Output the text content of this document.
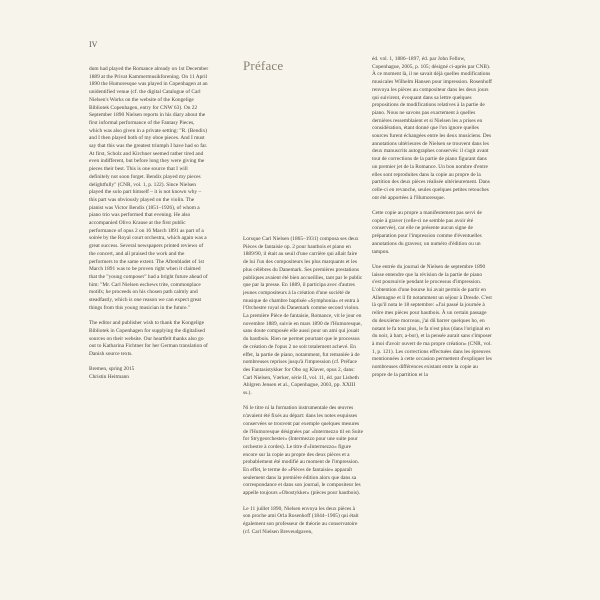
IV
Préface

dum had played the Romance already on 1st December 1889 at the Privat Kammermusikforening. On 11 April 1890 the Humoresque was played in Copenhagen at an unidentified venue (cf. the digital Catalogue of Carl Nielsen's Works on the website of the Kongelige Bibliotek Copenhagen, entry for CNW 63). On 22 September 1890 Nielsen reports in his diary about the first informal performance of the Fantasy Pieces, which was also given in a private setting: "R. (Bendix) and I then played both of my oboe pieces. And I must say that this was the greatest triumph I have had so far. At first, Scholz and Kirchner seemed rather tired and even indifferent, but before long they were giving the pieces their best. This is one source that I will definitely not soon forget. Bendix played my pieces delightfully" (CNR, vol. 1, p. 122). Since Nielsen played the solo part himself – it is not known why – this part was obviously played on the violin. The pianist was Victor Bendix (1851–1926), of whom a piano trio was performed that evening. He also accompanied Olivo Krause at the first public performance of opus 2 on 16 March 1891 as part of a soirée by the Royal court orchestra, which again was a great success. Several newspapers printed reviews of the concert, and all praised the work and the performers to the same extent. The Aftenbladet of 1st March 1891 was to be proven right when it claimed that the "young composer" had a bright future ahead of him: "Mr. Carl Nielsen eschews trite, commonplace motifs; he proceeds on his chosen path calmly and steadfastly, which is one reason we can expect great things from this young musician in the future."

The editor and publisher wish to thank the Kongelige Bibliotek in Copenhagen for supplying the digitalised sources on their website. Our heartfelt thanks also go out to Katharina Fichtner for her German translation of Danish source texts.

Bremen, spring 2015
Christin Heitmann

Lorsque Carl Nielsen (1865–1931) composa ses deux Pièces de fantaisie op. 2 pour hautbois et piano en 1889/90, il était au seuil d'une carrière qui allait faire de lui l'un des compositeurs les plus marquants et les plus célèbres du Danemark. Ses premières prestations publiques avaient été bien accueillies, tant par le public que par la presse. En 1889, il participa avec d'autres jeunes compositeurs à la création d'une société de musique de chambre baptisée «Symphonia» et entra à l'Orchestre royal du Danemark comme second violon. La première Pièce de fantaisie, Romance, vit le jour en novembre 1889, suivie en mars 1890 de l'Humoresque, sans doute composée elle aussi pour un ami qui jouait du hautbois. Rien ne permet pourtant que le processus de création de l'opus 2 ne soit totalement achevé. En effet, la partie de piano, notamment, fut remaniée à de nombreuses reprises jusqu'à l'impression (cf. Préface des Fantasistykker for Obo og Klaver, opus 2, dans: Carl Nielsen, Værker, série II, vol. 11, éd. par Lisbeth Ahlgren Jensen et al., Copenhague, 2003, pp. XXIII ss.).

Ni le titre ni la formation instrumentale des œuvres n'avaient été fixés au départ: dans les notes esquisses conservées se trouvent par exemple quelques mesures de l'Humoresque désignées par «Intermezzo til en Suite for Strygeorchester» (Intermezzo pour une suite pour orchestre à cordes). Le titre d'«Intermezzo» figure encore sur la copie au propre des deux pièces et a probablement été modifié au moment de l'impression. En effet, le terme de «Pièces de fantaisie» apparaît seulement dans la première édition alors que dans sa correspondance et dans son journal, le compositeur les appelle toujours «Obostykker» (pièces pour hautbois).

Le 11 juillet 1890, Nielsen envoya les deux pièces à son proche ami Orla Rosenhoff (1844–1905) qui était également son professeur de théorie au conservatoire (cf. Carl Nielsen Breveudgaven,

éd. vol. 1, 1886–1897, éd. par John Fellow, Copenhague, 2005, p. 105; désigné ci-après par CNB). À ce moment là, il ne savait déjà quelles modifications musicales Wilhelm Hansen pour impression. Rosenhoff renvoya les pièces au compositeur dans les deux jours qui suivirent, évoquant dans sa lettre quelques propositions de modifications relatives à la partie de piano. Nous ne savons pas exactement à quelles dernières ressemblaient et si Nielsen les a prises en considération, étant donné que l'on ignore quelles sources furent échangées entre les deux musiciens. Des annotations ultérieures de Nielsen se trouvent dans les deux manuscrits autographes conservés: il s'agit avant tout de corrections de la partie de piano figurant dans un premier jet de la Romance. Un bon nombre d'entre elles sont reproduites dans la copie au propre de la partition des deux pièces réalisée ultérieurement. Dans celle-ci en revanche, seules quelques petites retouches ont été apportées à l'Humoresque.

Cette copie au propre a manifestement pas servi de copie à graver (celle-ci ne semble pas avoir été conservée), car elle ne présente aucun signe de préparation pour l'impression comme d'éventuelles annotations du graveur, un numéro d'édition ou un tampon.

Une entrée du journal de Nielsen de septembre 1890 laisse entendre que la révision de la partie de piano s'est poursuivie pendant le processus d'impression. L'obtention d'une bourse lui avait permis de partir en Allemagne et il fit notamment un séjour à Dresde. C'est là qu'il nota le 18 septembre: «J'ai passé la journée à relire mes pièces pour hautbois. À un certain passage du deuxième morceau, j'ai dû barrer quelques ho, en notant le fa tout plus, le fa n'est plus (dans l'original en du noir, à barr, a-bor), et la pensée aurait sans s'imposer à moi d'avoir ouvert de ma propre création» (CNR, vol. 1, p. 121). Les corrections effectuées dans les épreuves mentionnées à cette occasion permettent d'expliquer les nombreuses différences existant entre la copie au propre de la partition et la
